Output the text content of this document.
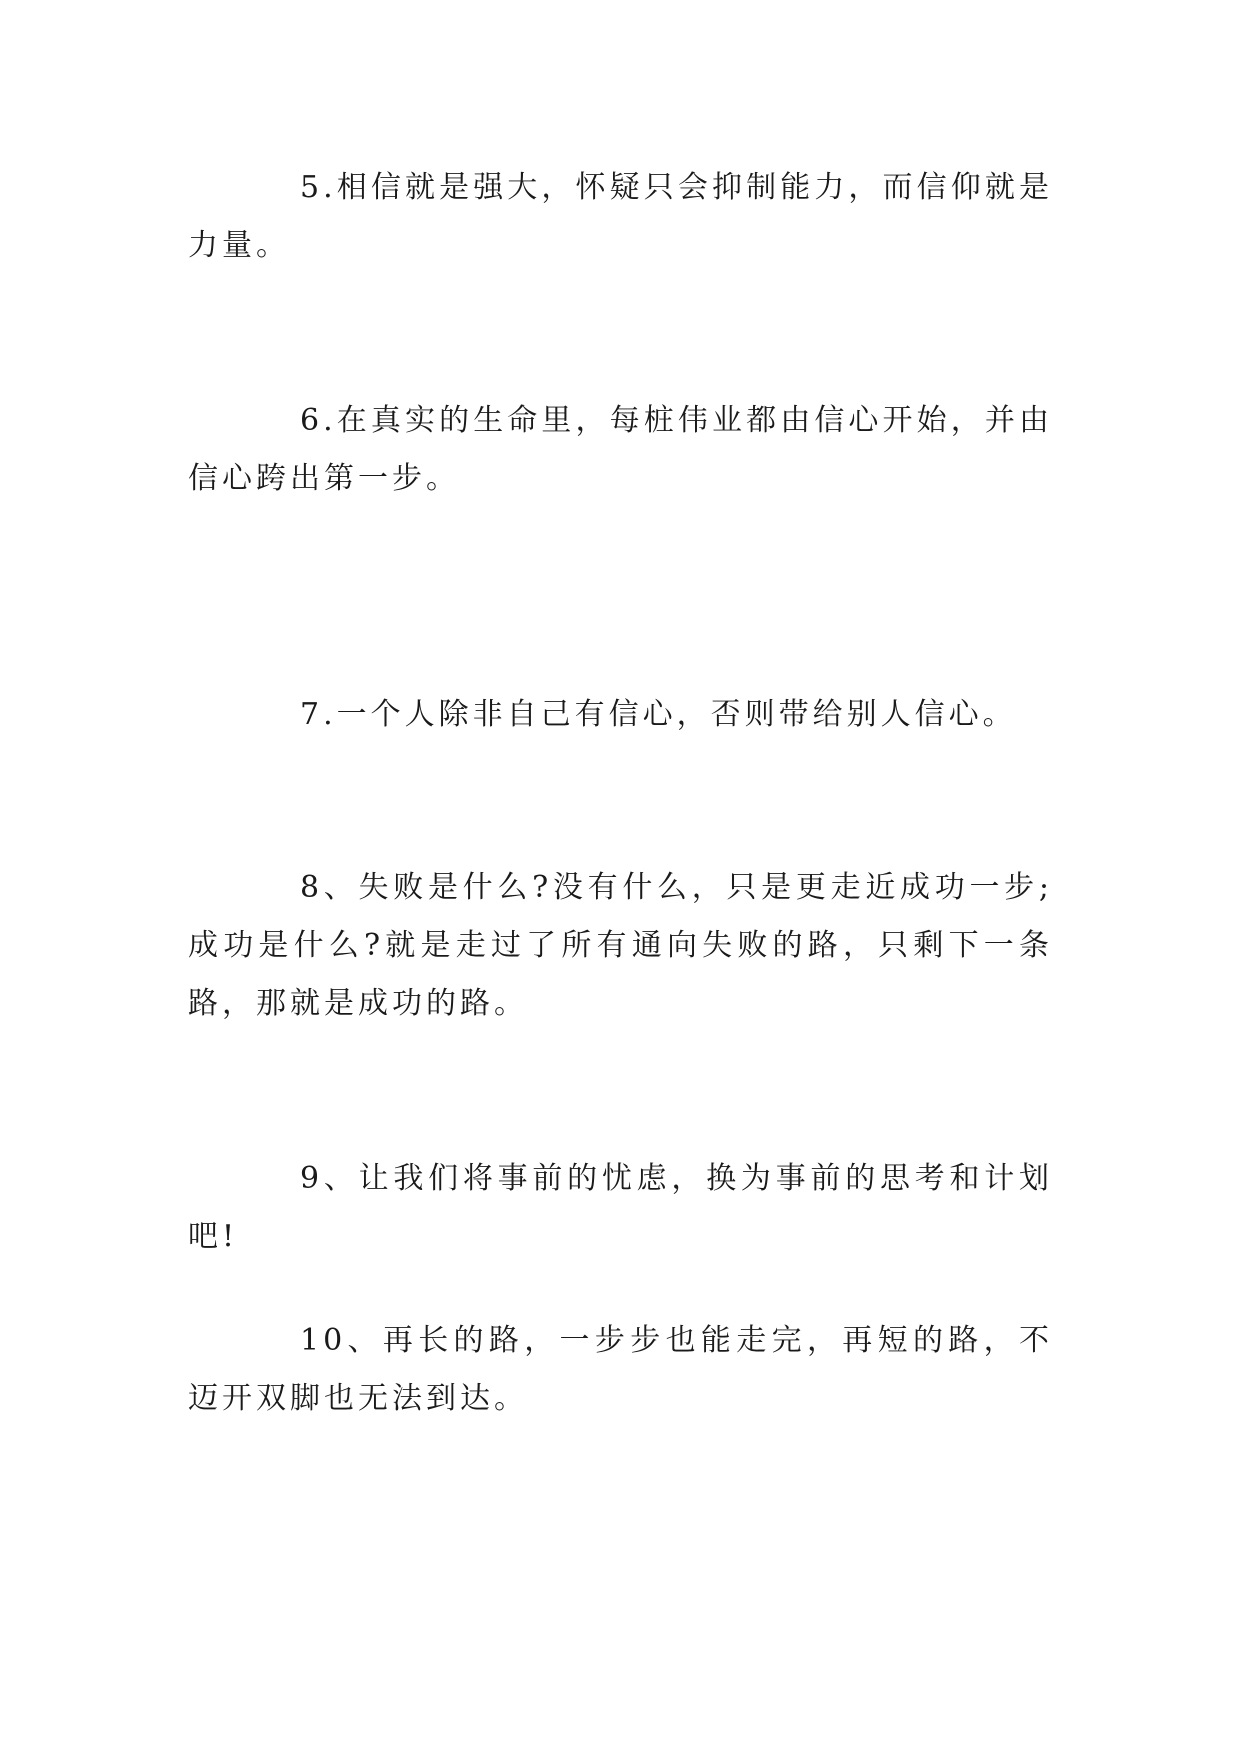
5.相信就是强大，怀疑只会抑制能力，而信仰就是力量。

6.在真实的生命里，每桩伟业都由信心开始，并由信心跨出第一步。

7.一个人除非自己有信心，否则带给别人信心。

8、失败是什么?没有什么，只是更走近成功一步;成功是什么?就是走过了所有通向失败的路，只剩下一条路，那就是成功的路。

9、让我们将事前的忧虑，换为事前的思考和计划吧!

10、再长的路，一步步也能走完，再短的路，不迈开双脚也无法到达。
